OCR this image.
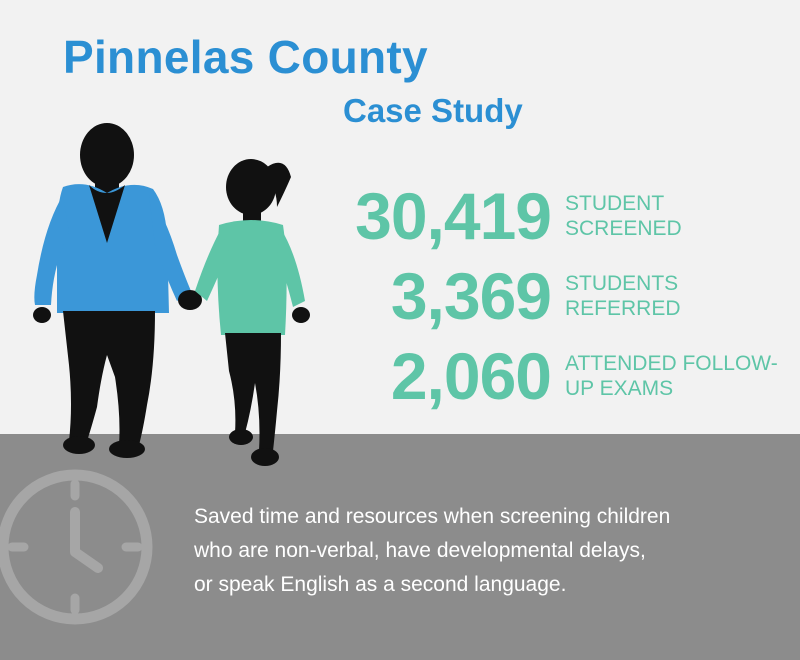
Pinnelas County
Case Study
30,419 STUDENT SCREENED
3,369 STUDENTS REFERRED
2,060 ATTENDED FOLLOW-UP EXAMS
Saved time and resources when screening children
who are non-verbal, have developmental delays,
or speak English as a second language.
